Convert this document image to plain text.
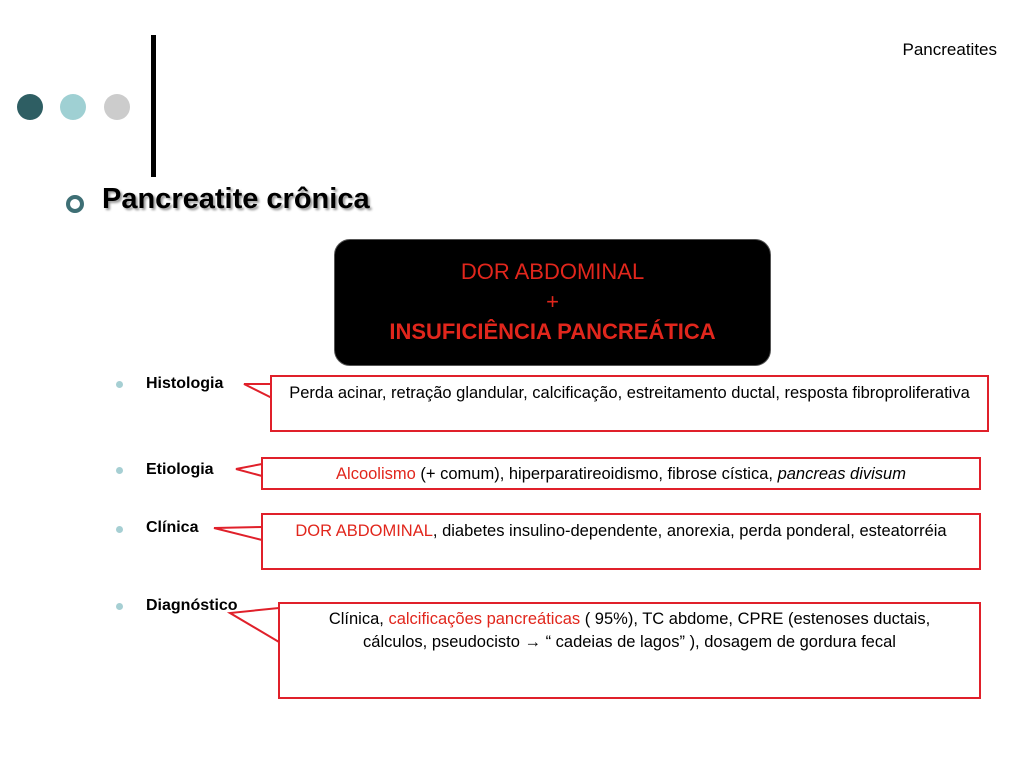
Pancreatites
Pancreatite crônica
DOR ABDOMINAL
+
INSUFICIÊNCIA PANCREÁTICA
Histologia
Perda acinar, retração glandular, calcificação, estreitamento ductal, resposta fibroproliferativa
Etiologia	Alcoolismo (+ comum), hiperparatireoidismo, fibrose cística, pancreas divisum
Clínica	DOR ABDOMINAL, diabetes insulino-dependente, anorexia, perda ponderal, esteatorréia
Diagnóstico
Clínica, calcificações pancreáticas ( 95%), TC abdome, CPRE (estenoses ductais, cálculos, pseudocisto → “ cadeias de lagos” ), dosagem de gordura fecal
